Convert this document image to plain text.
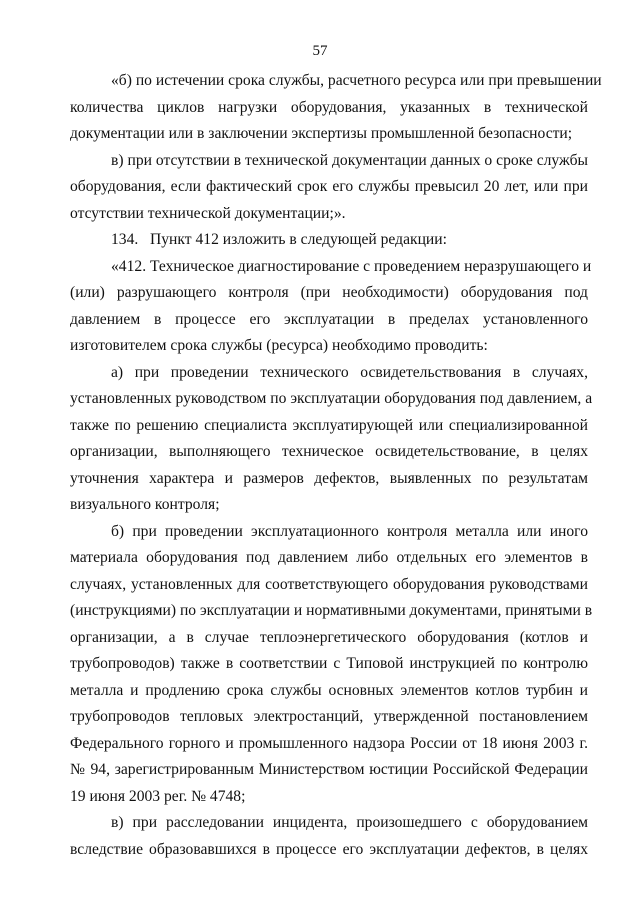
57

«б) по истечении срока службы, расчетного ресурса или при превышении
количества циклов нагрузки оборудования, указанных в технической
документации или в заключении экспертизы промышленной безопасности;

в) при отсутствии в технической документации данных о сроке службы
оборудования, если фактический срок его службы превысил 20 лет, или при
отсутствии технической документации;».

134.   Пункт 412 изложить в следующей редакции:

«412. Техническое диагностирование с проведением неразрушающего и
(или) разрушающего контроля (при необходимости) оборудования под
давлением в процессе его эксплуатации в пределах установленного
изготовителем срока службы (ресурса) необходимо проводить:

а) при проведении технического освидетельствования в случаях,
установленных руководством по эксплуатации оборудования под давлением, а
также по решению специалиста эксплуатирующей или специализированной
организации, выполняющего техническое освидетельствование, в целях
уточнения характера и размеров дефектов, выявленных по результатам
визуального контроля;

б) при проведении эксплуатационного контроля металла или иного
материала оборудования под давлением либо отдельных его элементов в
случаях, установленных для соответствующего оборудования руководствами
(инструкциями) по эксплуатации и нормативными документами, принятыми в
организации, а в случае теплоэнергетического оборудования (котлов и
трубопроводов) также в соответствии с Типовой инструкцией по контролю
металла и продлению срока службы основных элементов котлов турбин и
трубопроводов тепловых электростанций, утвержденной постановлением
Федерального горного и промышленного надзора России от 18 июня 2003 г.
№ 94, зарегистрированным Министерством юстиции Российской Федерации
19 июня 2003 рег. № 4748;

в) при расследовании инцидента, произошедшего с оборудованием
вследствие образовавшихся в процессе его эксплуатации дефектов, в целях
